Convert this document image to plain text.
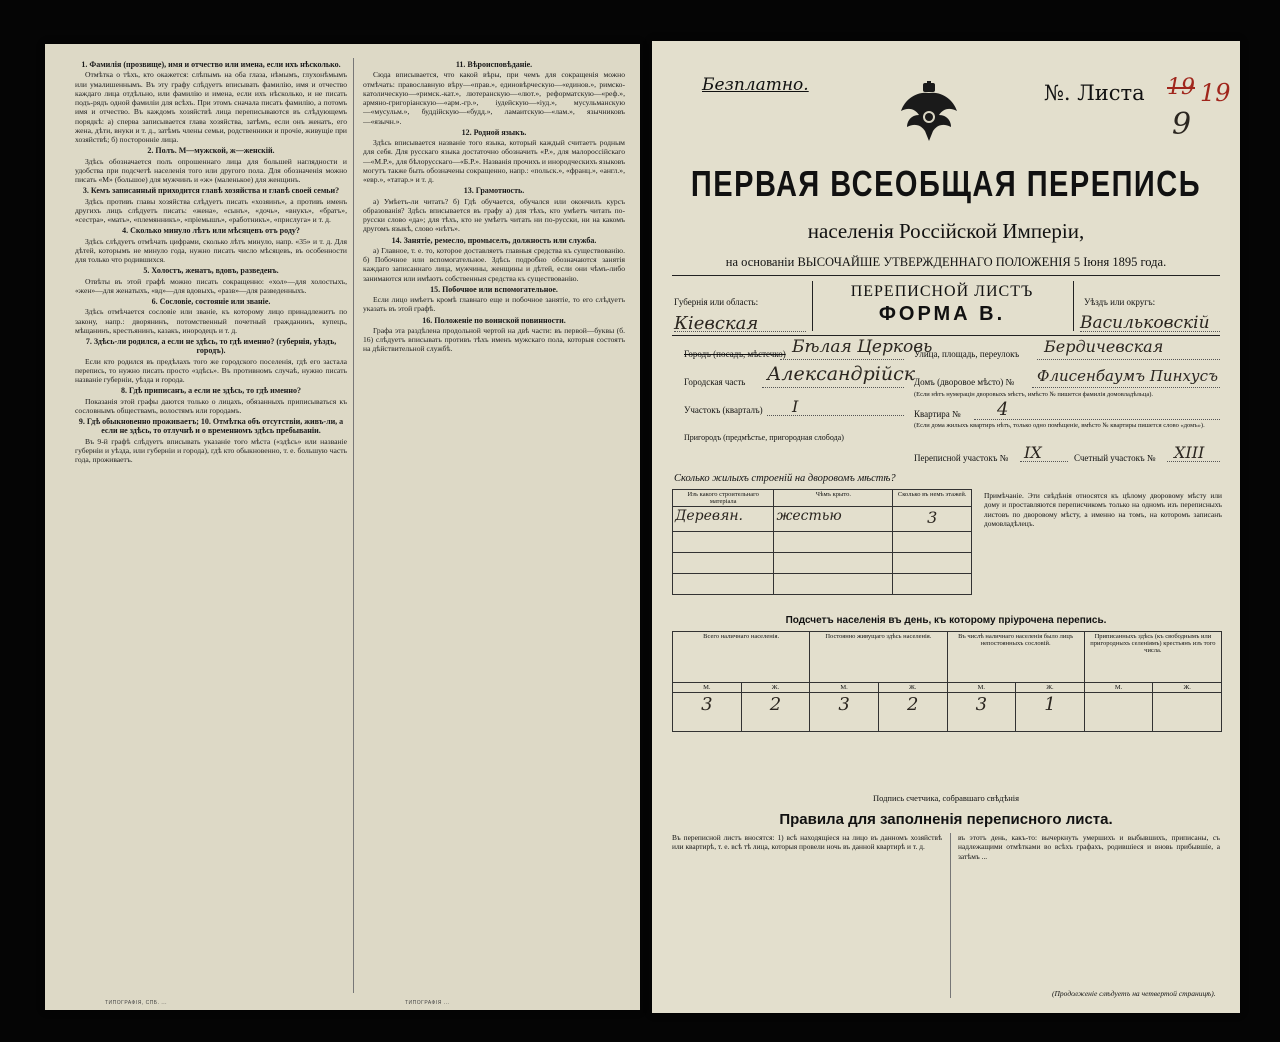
1. Фамилія (прозвище), имя и отчество или имена, если ихъ нѣсколько.

Отмѣтка о тѣхъ, кто окажется: слѣпымъ на оба глаза, нѣмымъ, глухонѣмымъ или умалишеннымъ. Въ эту графу слѣдуетъ вписывать фамилію, имя и отчество каждаго лица отдѣльно, или фамилію и имена, если ихъ нѣсколько, и не писать подъ-рядъ одной фамиліи для всѣхъ. При этомъ сначала писать фамилію, а потомъ имя и отчество. Въ каждомъ хозяйствѣ лица переписываются въ слѣдующемъ порядкѣ: а) сперва записывается глава хозяйства, затѣмъ, если онъ женатъ, его жена, дѣти, внуки и т. д., затѣмъ члены семьи, родственники и прочіе, живущіе при хозяйствѣ; б) посторонніе лица.

2. Полъ. М—мужской, ж—женскій.

Здѣсь обозначается полъ опрошеннаго лица для большей наглядности и удобства при подсчетѣ населенія того или другого пола. Для обозначенія можно писать «М» (большое) для мужчинъ и «ж» (маленькое) для женщинъ.

3. Кемъ записанный приходится главѣ хозяйства и главѣ своей семьи?

Здѣсь противъ главы хозяйства слѣдуетъ писать «хозяинъ», а противъ именъ другихъ лицъ слѣдуетъ писать: «жена», «сынъ», «дочь», «внукъ», «братъ», «сестра», «мать», «племянникъ», «пріемышъ», «работникъ», «прислуга» и т. д.

4. Сколько минуло лѣтъ или мѣсяцевъ отъ роду?

Здѣсь слѣдуетъ отмѣчать цифрами, сколько лѣтъ минуло, напр. «35» и т. д. Для дѣтей, которымъ не минуло года, нужно писать число мѣсяцевъ, въ особенности для только что родившихся.

5. Холостъ, женатъ, вдовъ, разведенъ.

Отвѣты въ этой графѣ можно писать сокращенно: «хол»—для холостыхъ, «жен»—для женатыхъ, «вд»—для вдовыхъ, «разв»—для разведенныхъ.

6. Сословіе, состояніе или званіе.

Здѣсь отмѣчается сословіе или званіе, къ которому лицо принадлежитъ по закону, напр.: дворянинъ, потомственный почетный гражданинъ, купецъ, мѣщанинъ, крестьянинъ, казакъ, инородецъ и т. д.

7. Здѣсь-ли родился, а если не здѣсь, то гдѣ именно? (губернія, уѣздъ, городъ).

Если кто родился въ предѣлахъ того же городского поселенія, гдѣ его застала перепись, то нужно писать просто «здѣсь». Въ противномъ случаѣ, нужно писать названіе губерніи, уѣзда и города.

8. Гдѣ приписанъ, а если не здѣсь, то гдѣ именно?

Показанія этой графы даются только о лицахъ, обязанныхъ приписываться къ сословнымъ обществамъ, волостямъ или городамъ.

9. Гдѣ обыкновенно проживаетъ; 10. Отмѣтка объ отсутствіи, живъ-ли, а если не здѣсь, то отлучнѣ и о временномъ здѣсь пребываніи.

Въ 9-й графѣ слѣдуетъ вписывать указаніе того мѣста («здѣсь» или названіе губерніи и уѣзда, или губерніи и города), гдѣ кто обыкновенно, т. е. большую часть года, проживаетъ.

11. Вѣроисповѣданіе.

Сюда вписывается, что какой вѣры, при чемъ для сокращенія можно отмѣчать: православную вѣру—«прав.», единовѣрческую—«единов.», римско-католическую—«римск.-кат.», лютеранскую—«лют.», реформатскую—«реф.», армяно-григоріанскую—«арм.-гр.», іудейскую—«іуд.», мусульманскую—«мусульм.», буддійскую—«будд.», ламаитскую—«лам.», язычниковъ—«язычн.».

12. Родной языкъ.

Здѣсь вписывается названіе того языка, который каждый считаетъ родным для себя. Для русскаго языка достаточно обозначить «Р.», для малороссійскаго—«М.Р.», для бѣлорусскаго—«Б.Р.». Названія прочихъ и инородческихъ языковъ могутъ также быть обозначены сокращенно, напр.: «польск.», «франц.», «англ.», «евр.», «татар.» и т. д.

13. Грамотность.

а) Умѣетъ-ли читать? б) Гдѣ обучается, обучался или окончилъ курсъ образованія? Здѣсь вписывается въ графу а) для тѣхъ, кто умѣетъ читать по-русски слово «да»; для тѣхъ, кто не умѣетъ читать ни по-русски, ни на какомъ другомъ языкѣ, слово «нѣтъ».

14. Занятіе, ремесло, промыселъ, должность или служба.

а) Главное, т. е. то, которое доставляетъ главныя средства къ существованію. б) Побочное или вспомогательное. Здѣсь подробно обозначаются занятія каждаго записаннаго лица, мужчины, женщины и дѣтей, если они чѣмъ-либо занимаются или имѣютъ собственныя средства къ существованію.

15. Побочное или вспомогательное.

Если лицо имѣетъ кромѣ главнаго еще и побочное занятіе, то его слѣдуетъ указать въ этой графѣ.

16. Положеніе по воинской повинности.

Графа эта раздѣлена продольной чертой на двѣ части: въ первой—буквы (б. 16) слѣдуетъ вписывать противъ тѣхъ именъ мужскаго пола, которыя состоятъ на дѣйствительной службѣ.

ТИПОГРАФІЯ, СПБ. ...	ТИПОГРАФІЯ ...
Безплатно.	№. Листа 19 19
9
ПЕРВАЯ ВСЕОБЩАЯ ПЕРЕПИСЬ
населенія Россійской Имперіи,
на основаніи ВЫСОЧАЙШЕ УТВЕРЖДЕННАГО ПОЛОЖЕНІЯ 5 Іюня 1895 года.
ПЕРЕПИСНОЙ ЛИСТЪ
ФОРМА В.
Губернія или область:
Кіевская
Уѣздъ или округъ:
Васильковскій
Городъ (посадъ, мѣстечко) Бѣлая Церковь
Улица, площадь, переулокъ Бердичевская
Городская часть Александрійск
Домъ (дворовое мѣсто) № Флисенбаумъ Пинхусъ
(Если нѣтъ нумерацін дворовыхъ мѣстъ, имѣсто № пишется фамилія домовладѣльца).
Участокъ (кварталъ) I	Квартира № 4
(Если дома жилыхъ квартиръ нѣтъ, только одно помѣщеніе, вмѣсто № квартиры пишется слово «домъ»).
Пригородъ (предмѣстье, пригородная слобода)
Переписной участокъ № IX	Счетный участокъ № XIII
Сколько жилыхъ строеній на дворовомъ мѣстѣ?
Изъ какого строительнаго матеріала	Чѣмъ крыто.	Сколько въ немъ этажей.
Деревян.	жестью	3

Примѣчаніе. Эти свѣдѣнія относятся къ цѣлому дворовому мѣсту или дому и проставляются переписчикомъ только на одномъ изъ переписныхъ листовъ по дворовому мѣсту, а именно на томъ, на которомъ записанъ домовладѣлецъ.
Подсчетъ населенія въ день, къ которому пріурочена перепись.
Всего наличнаго населенія.		Постоянно живущаго здѣсь населенія.		Въ числѣ наличнаго населенія было лицъ непостоянныхъ сословій.		Приписанныхъ здѣсь (къ свободнымъ или пригородныхъ селеніямъ) крестьянъ изъ того числа.	
М.	Ж.	М.	Ж.	М.	Ж.	М.	Ж.
3	2	3	2	3	1		
Подпись счетчика, собравшаго свѣдѣнія
Правила для заполненія переписного листа.
Въ переписной листъ вносятся: 1) всѣ находящіеся на лицо въ данномъ хозяйствѣ или квартирѣ, т. е. всѣ тѣ лица, которыя провели ночь въ данной квартирѣ и т. д.
въ этотъ день, какъ-то: вычеркнуть умершихъ и выбывшихъ, приписаны, съ надлежащими отмѣтками во всѣхъ графахъ, родившіеся и вновь прибывшіе, а затѣмъ ...
(Продолженіе слѣдуетъ на четвертой страницѣ).
